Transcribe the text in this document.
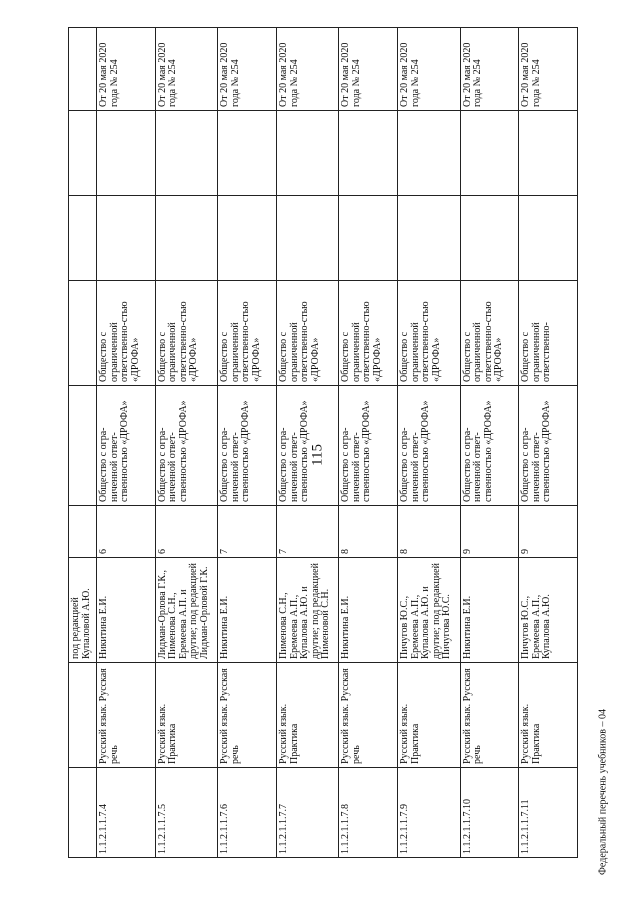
115
		под редакцией Купаловой А.Ю.						
1.1.2.1.1.7.4	Русский язык. Русская речь	Никитина Е.И.	6	Общество с огра-ниченной ответ-ственностью «ДРОФА»	Общество с ограниченной ответственно-стью «ДРОФА»			От 20 мая 2020 года № 254
1.1.2.1.1.7.5	Русский язык. Практика	Лидман-Орлова Г.К., Пименова С.Н., Еремеева А.П. и другие; под редакцией Лидман-Орловой Г.К.	6	Общество с огра-ниченной ответ-ственностью «ДРОФА»	Общество с ограниченной ответственно-стью «ДРОФА»			От 20 мая 2020 года № 254
1.1.2.1.1.7.6	Русский язык. Русская речь	Никитина Е.И.	7	Общество с огра-ниченной ответ-ственностью «ДРОФА»	Общество с ограниченной ответственно-стью «ДРОФА»			От 20 мая 2020 года № 254
1.1.2.1.1.7.7	Русский язык. Практика	Пименова С.Н., Еремеева А.П., Купалова А.Ю. и другие; под редакцией Пименовой С.Н.	7	Общество с огра-ниченной ответ-ственностью «ДРОФА»	Общество с ограниченной ответственно-стью «ДРОФА»			От 20 мая 2020 года № 254
1.1.2.1.1.7.8	Русский язык. Русская речь	Никитина Е.И.	8	Общество с огра-ниченной ответ-ственностью «ДРОФА»	Общество с ограниченной ответственно-стью «ДРОФА»			От 20 мая 2020 года № 254
1.1.2.1.1.7.9	Русский язык. Практика	Пичугов Ю.С., Еремеева А.П., Купалова А.Ю. и другие; под редакцией Пичугова Ю.С.	8	Общество с огра-ниченной ответ-ственностью «ДРОФА»	Общество с ограниченной ответственно-стью «ДРОФА»			От 20 мая 2020 года № 254
1.1.2.1.1.7.10	Русский язык. Русская речь	Никитина Е.И.	9	Общество с огра-ниченной ответ-ственностью «ДРОФА»	Общество с ограниченной ответственно-стью «ДРОФА»			От 20 мая 2020 года № 254
1.1.2.1.1.7.11	Русский язык. Практика	Пичугов Ю.С., Еремеева А.П., Купалова А.Ю.	9	Общество с огра-ниченной ответ-ственностью «ДРОФА»	Общество с ограниченной ответственно-			От 20 мая 2020 года № 254
Федеральный перечень учебников – 04
